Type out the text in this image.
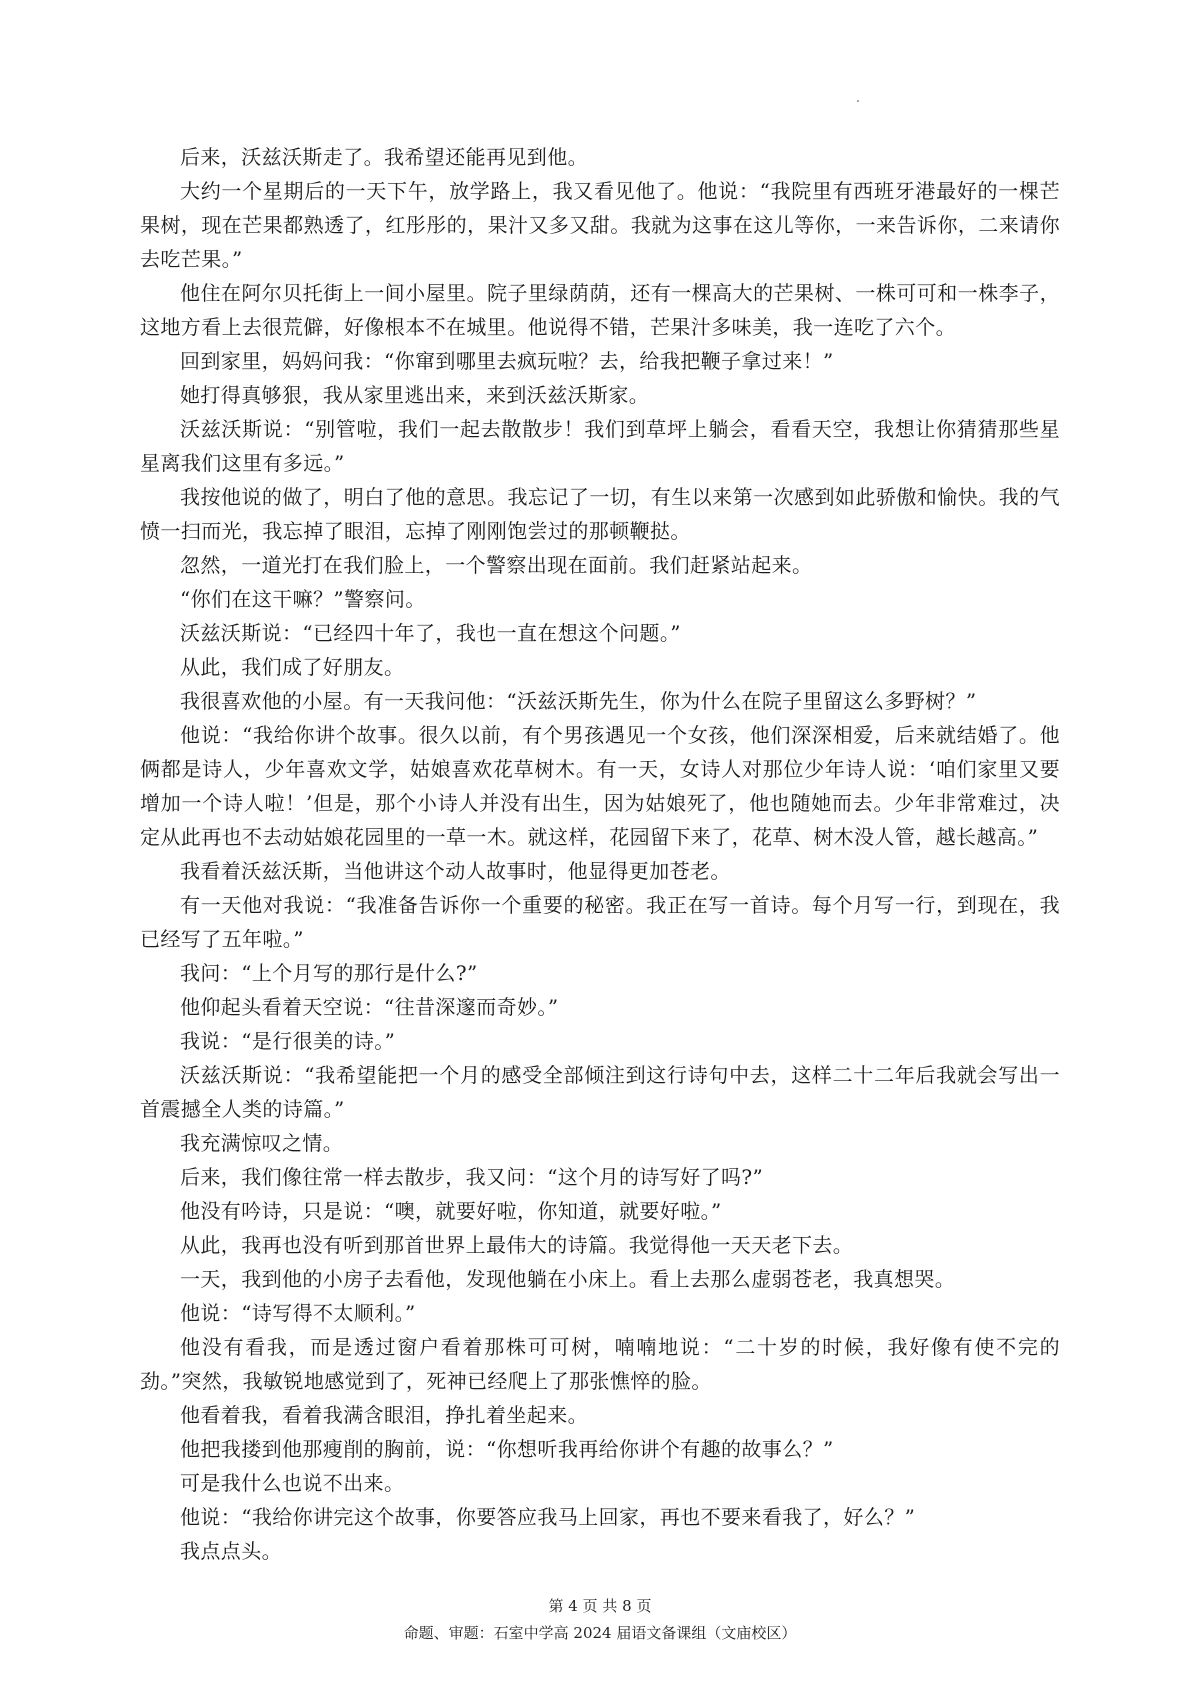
后来，沃兹沃斯走了。我希望还能再见到他。

大约一个星期后的一天下午，放学路上，我又看见他了。他说：“我院里有西班牙港最好的一棵芒果树，现在芒果都熟透了，红彤彤的，果汁又多又甜。我就为这事在这儿等你，一来告诉你，二来请你去吃芒果。”

他住在阿尔贝托街上一间小屋里。院子里绿荫荫，还有一棵高大的芒果树、一株可可和一株李子，这地方看上去很荒僻，好像根本不在城里。他说得不错，芒果汁多味美，我一连吃了六个。

回到家里，妈妈问我：“你窜到哪里去疯玩啦？去，给我把鞭子拿过来！”

她打得真够狠，我从家里逃出来，来到沃兹沃斯家。

沃兹沃斯说：“别管啦，我们一起去散散步！我们到草坪上躺会，看看天空，我想让你猜猜那些星星离我们这里有多远。”

我按他说的做了，明白了他的意思。我忘记了一切，有生以来第一次感到如此骄傲和愉快。我的气愤一扫而光，我忘掉了眼泪，忘掉了刚刚饱尝过的那顿鞭挞。

忽然，一道光打在我们脸上，一个警察出现在面前。我们赶紧站起来。

“你们在这干嘛？”警察问。

沃兹沃斯说：“已经四十年了，我也一直在想这个问题。”

从此，我们成了好朋友。

我很喜欢他的小屋。有一天我问他：“沃兹沃斯先生，你为什么在院子里留这么多野树？”

他说：“我给你讲个故事。很久以前，有个男孩遇见一个女孩，他们深深相爱，后来就结婚了。他俩都是诗人，少年喜欢文学，姑娘喜欢花草树木。有一天，女诗人对那位少年诗人说：‘咱们家里又要增加一个诗人啦！’但是，那个小诗人并没有出生，因为姑娘死了，他也随她而去。少年非常难过，决定从此再也不去动姑娘花园里的一草一木。就这样，花园留下来了，花草、树木没人管，越长越高。”

我看着沃兹沃斯，当他讲这个动人故事时，他显得更加苍老。

有一天他对我说：“我准备告诉你一个重要的秘密。我正在写一首诗。每个月写一行，到现在，我已经写了五年啦。”

我问：“上个月写的那行是什么?”

他仰起头看着天空说：“往昔深邃而奇妙。”

我说：“是行很美的诗。”

沃兹沃斯说：“我希望能把一个月的感受全部倾注到这行诗句中去，这样二十二年后我就会写出一首震撼全人类的诗篇。”

我充满惊叹之情。

后来，我们像往常一样去散步，我又问：“这个月的诗写好了吗?”

他没有吟诗，只是说：“噢，就要好啦，你知道，就要好啦。”

从此，我再也没有听到那首世界上最伟大的诗篇。我觉得他一天天老下去。

一天，我到他的小房子去看他，发现他躺在小床上。看上去那么虚弱苍老，我真想哭。

他说：“诗写得不太顺利。”

他没有看我，而是透过窗户看着那株可可树，喃喃地说：“二十岁的时候，我好像有使不完的劲。”突然，我敏锐地感觉到了，死神已经爬上了那张憔悴的脸。

他看着我，看着我满含眼泪，挣扎着坐起来。

他把我搂到他那瘦削的胸前，说：“你想听我再给你讲个有趣的故事么？”

可是我什么也说不出来。

他说：“我给你讲完这个故事，你要答应我马上回家，再也不要来看我了，好么？”

我点点头。

第 4 页 共 8 页
命题、审题：石室中学高 2024 届语文备课组（文庙校区）
